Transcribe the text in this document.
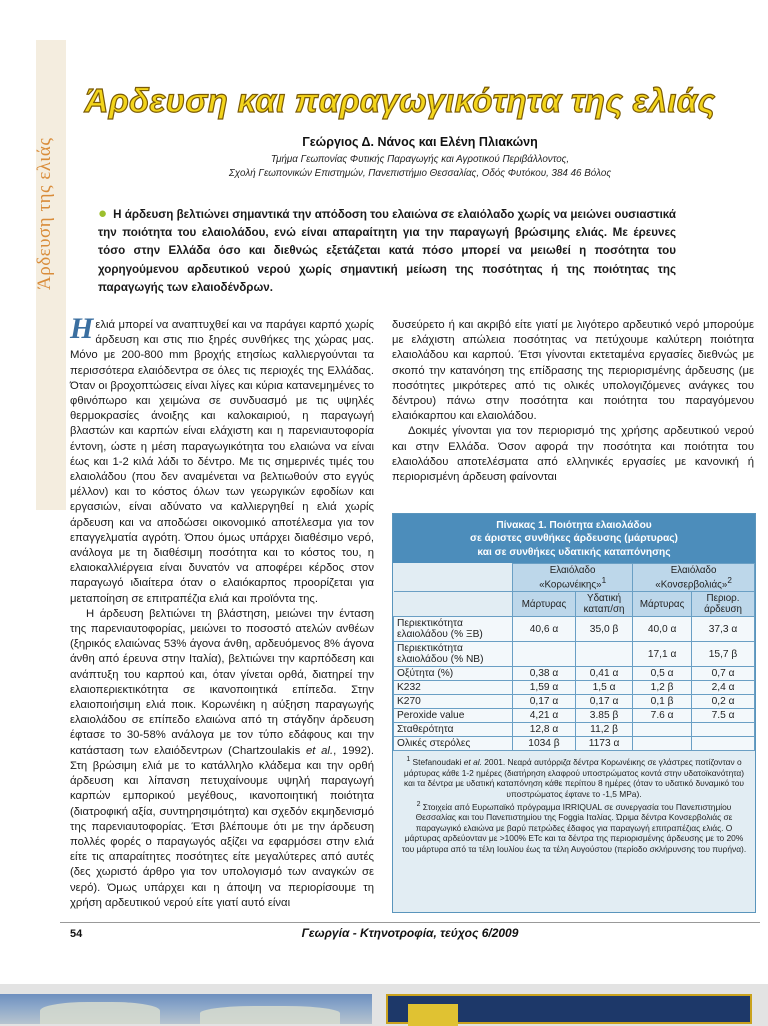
Άρδευση της ελιάς
Άρδευση και παραγωγικότητα της ελιάς
Γεώργιος Δ. Νάνος και Ελένη Πλιακώνη
Τμήμα Γεωπονίας Φυτικής Παραγωγής και Αγροτικού Περιβάλλοντος,
Σχολή Γεωπονικών Επιστημών, Πανεπιστήμιο Θεσσαλίας, Οδός Φυτόκου, 384 46 Βόλος
● Η άρδευση βελτιώνει σημαντικά την απόδοση του ελαιώνα σε ελαιόλαδο χωρίς να μειώνει ουσιαστικά την ποιότητα του ελαιολάδου, ενώ είναι απαραίτητη για την παραγωγή βρώσιμης ελιάς. Με έρευνες τόσο στην Ελλάδα όσο και διεθνώς εξετάζεται κατά πόσο μπορεί να μειωθεί η ποσότητα του χορηγούμενου αρδευτικού νερού χωρίς σημαντική μείωση της ποσότητας ή της ποιότητας της παραγωγής των ελαιοδένδρων.

Η ελιά μπορεί να αναπτυχθεί και να παράγει καρπό χωρίς άρδευση και στις πιο ξηρές συνθήκες της χώρας μας. Μόνο με 200-800 mm βροχής ετησίως καλλιεργούνται τα περισσότερα ελαιόδεντρα σε όλες τις περιοχές της Ελλάδας. Όταν οι βροχοπτώσεις είναι λίγες και κύρια κατανεμημένες το φθινόπωρο και χειμώνα σε συνδυασμό με τις υψηλές θερμοκρασίες άνοιξης και καλοκαιριού, η παραγωγή βλαστών και καρπών είναι ελάχιστη και η παρενιαυτοφορία έντονη, ώστε η μέση παραγωγικότητα του ελαιώνα να είναι έως και 1-2 κιλά λάδι το δέντρο. Με τις σημερινές τιμές του ελαιολάδου (που δεν αναμένεται να βελτιωθούν στο εγγύς μέλλον) και το κόστος όλων των γεωργικών εφοδίων και εργασιών, είναι αδύνατο να καλλιεργηθεί η ελιά χωρίς άρδευση και να αποδώσει οικονομικό αποτέλεσμα για τον επαγγελματία αγρότη. Όπου όμως υπάρχει διαθέσιμο νερό, ανάλογα με τη διαθέσιμη ποσότητα και το κόστος του, η ελαιοκαλλιέργεια είναι δυνατόν να αποφέρει κέρδος στον παραγωγό ιδιαίτερα όταν ο ελαιόκαρπος προορίζεται για μεταποίηση σε επιτραπέζια ελιά και προϊόντα της.

Η άρδευση βελτιώνει τη βλάστηση, μειώνει την ένταση της παρενιαυτοφορίας, μειώνει το ποσοστό ατελών ανθέων (ξηρικός ελαιώνας 53% άγονα άνθη, αρδευόμενος 8% άγονα άνθη από έρευνα στην Ιταλία), βελτιώνει την καρπόδεση και ανάπτυξη του καρπού και, όταν γίνεται ορθά, διατηρεί την ελαιοπεριεκτικότητα σε ικανοποιητικά επίπεδα. Στην ελαιοποιήσιμη ελιά ποικ. Κορωνέικη η αύξηση παραγωγής ελαιολάδου σε επίπεδο ελαιώνα από τη στάγδην άρδευση έφτασε το 30-58% ανάλογα με τον τύπο εδάφους και την κατάσταση των ελαιόδεντρων (Chartzoulakis et al., 1992). Στη βρώσιμη ελιά με το κατάλληλο κλάδεμα και την ορθή άρδευση και λίπανση πετυχαίνουμε υψηλή παραγωγή καρπών εμπορικού μεγέθους, ικανοποιητική ποιότητα (διατροφική αξία, συντηρησιμότητα) και σχεδόν εκμηδενισμό της παρενιαυτοφορίας. Έτσι βλέπουμε ότι με την άρδευση πολλές φορές ο παραγωγός αξίζει να εφαρμόσει στην ελιά είτε τις απαραίτητες ποσότητες είτε μεγαλύτερες από αυτές (δες χωριστό άρθρο για τον υπολογισμό των αναγκών σε νερό). Όμως υπάρχει και η άποψη να περιορίσουμε τη χρήση αρδευτικού νερού είτε γιατί αυτό είναι

δυσεύρετο ή και ακριβό είτε γιατί με λιγότερο αρδευτικό νερό μπορούμε με ελάχιστη απώλεια ποσότητας να πετύχουμε καλύτερη ποιότητα ελαιολάδου και καρπού. Έτσι γίνονται εκτεταμένα εργασίες διεθνώς με σκοπό την κατανόηση της επίδρασης της περιορισμένης άρδευσης (με ποσότητες μικρότερες από τις ολικές υπολογιζόμενες ανάγκες του δέντρου) πάνω στην ποσότητα και ποιότητα του παραγόμενου ελαιόκαρπου και ελαιολάδου.

Δοκιμές γίνονται για τον περιορισμό της χρήσης αρδευτικού νερού και στην Ελλάδα. Όσον αφορά την ποσότητα και ποιότητα του ελαιολάδου αποτελέσματα από ελληνικές εργασίες με κανονική ή περιορισμένη άρδευση φαίνονται

Πίνακας 1. Ποιότητα ελαιολάδου
σε άριστες συνθήκες άρδευσης (μάρτυρας)
και σε συνθήκες υδατικής καταπόνησης
	Ελαιόλαδο «Κορωνέικης»$^1$		Ελαιόλαδο «Κονσερβολιάς»$^2$
	Μάρτυρας	Υδατική καταπ/ση	Μάρτυρας	Περιορ. άρδευση
Περιεκτικότητα ελαιολάδου (% ΞΒ)	40,6 α	35,0 β	40,0 α	37,3 α
Περιεκτικότητα ελαιολάδου (% ΝΒ)			17,1 α	15,7 β
Οξύτητα (%)	0,38 α	0,41 α	0,5 α	0,7 α
K232	1,59 α	1,5 α	1,2 β	2,4 α
K270	0,17 α	0,17 α	0,1 β	0,2 α
Peroxide value	4,21 α	3.85 β	7.6 α	7.5 α
Σταθερότητα	12,8 α	11,2 β		
Ολικές στερόλες	1034 β	1173 α		
$^1$ Stefanoudaki et al. 2001. Νεαρά αυτόρριζα δέντρα Κορωνέικης σε γλάστρες ποτίζονταν ο μάρτυρας κάθε 1-2 ημέρες (διατήρηση ελαφρού υποστρώματος κοντά στην υδατοϊκανότητα) και τα δέντρα με υδατική καταπόνηση κάθε περίπου 8 ημέρες (όταν το υδατικό δυναμικό του υποστρώματος έφτανε το -1,5 MPa).
$^2$ Στοιχεία από Ευρωπαϊκό πρόγραμμα IRRIQUAL σε συνεργασία του Πανεπιστημίου Θεσσαλίας και του Πανεπιστημίου της Foggia Ιταλίας. Ώριμα δέντρα Κονσερβολιάς σε παραγωγικό ελαιώνα με βαρύ πετρώδες έδαφος για παραγωγή επιτραπέζιας ελιάς. Ο μάρτυρας αρδεύονταν με >100% ETc και τα δέντρα της περιορισμένης άρδευσης με το 20% του μάρτυρα από τα τέλη Ιουλίου έως τα τέλη Αυγούστου (περίοδο σκλήρυνσης του πυρήνα).
54	Γεωργία - Κτηνοτροφία, τεύχος 6/2009
